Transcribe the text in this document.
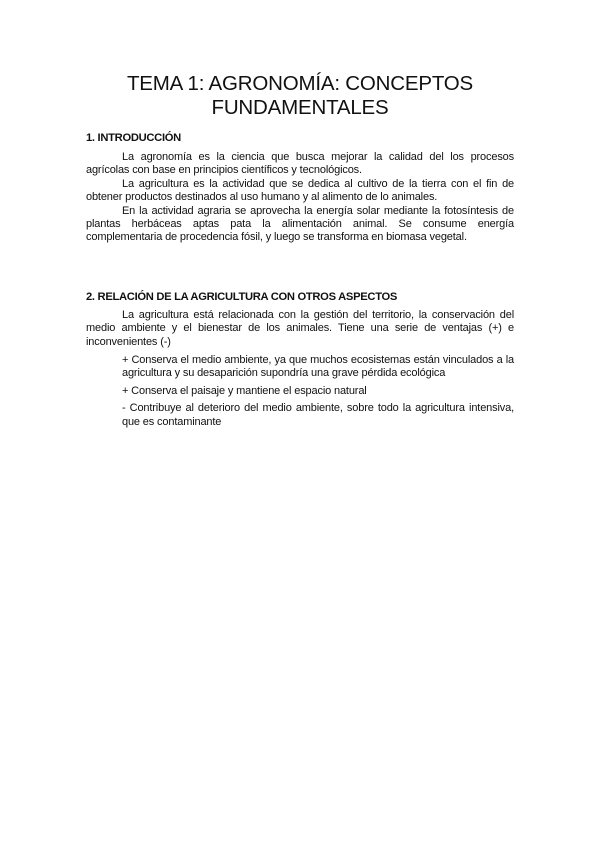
TEMA 1: AGRONOMÍA: CONCEPTOS FUNDAMENTALES
1. INTRODUCCIÓN

La agronomía es la ciencia que busca mejorar la calidad del los procesos agrícolas con base en principios científicos y tecnológicos.

La agricultura es la actividad que se dedica al cultivo de la tierra con el fin de obtener productos destinados al uso humano y al alimento de lo animales.

En la actividad agraria se aprovecha la energía solar mediante la fotosíntesis de plantas herbáceas aptas pata la alimentación animal. Se consume energía complementaria de procedencia fósil, y luego se transforma en biomasa vegetal.

2. RELACIÓN DE LA AGRICULTURA CON OTROS ASPECTOS

La agricultura está relacionada con la gestión del territorio, la conservación del medio ambiente y el bienestar de los animales. Tiene una serie de ventajas (+) e inconvenientes (-)

+ Conserva el medio ambiente, ya que muchos ecosistemas están vinculados a la agricultura y su desaparición supondría una grave pérdida ecológica

+ Conserva el paisaje y mantiene el espacio natural

- Contribuye al deterioro del medio ambiente, sobre todo la agricultura intensiva, que es contaminante
